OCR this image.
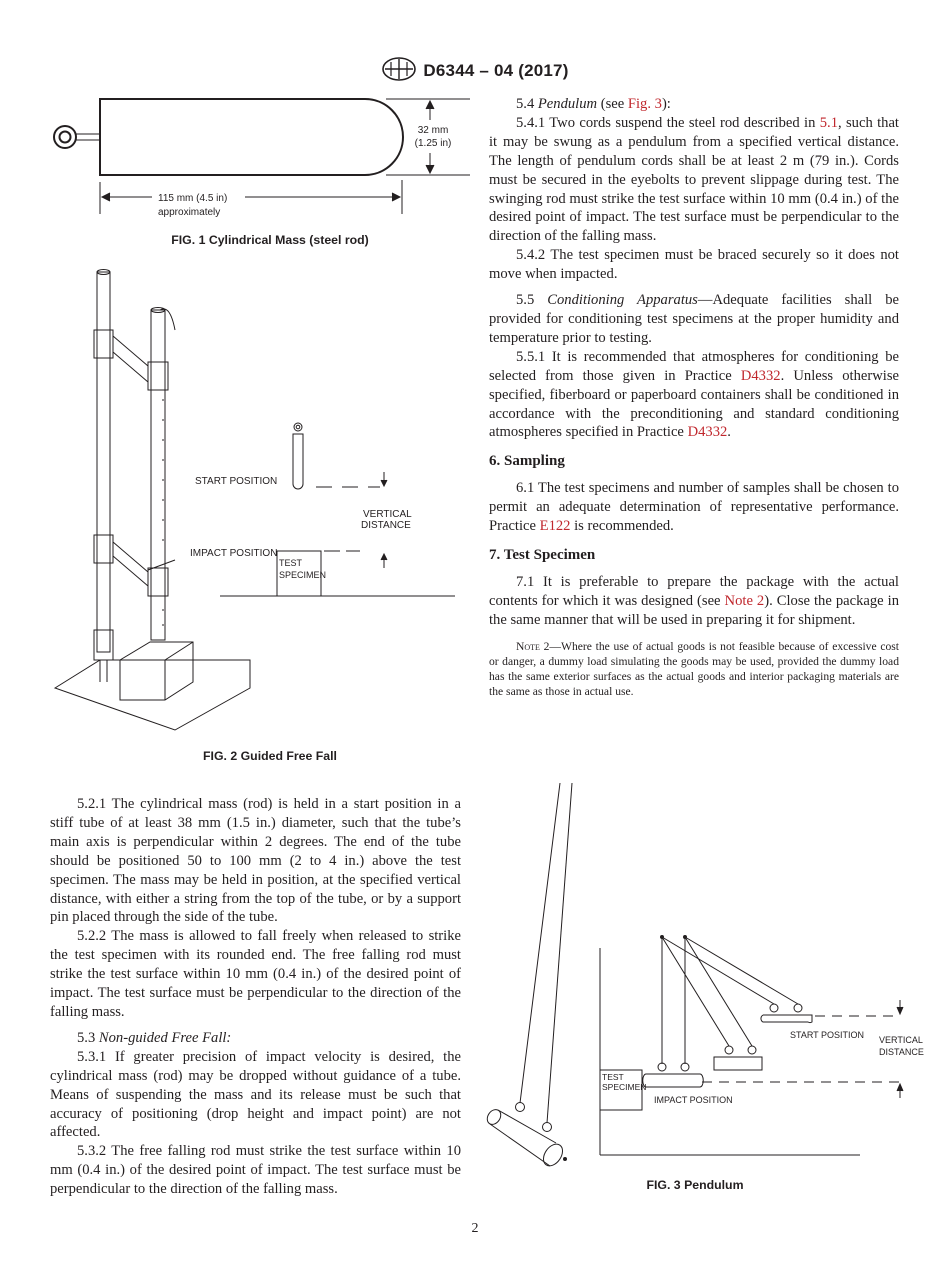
D6344 – 04 (2017)
32 mm
(1.25 in)
115 mm (4.5 in)
approximately
FIG. 1 Cylindrical Mass (steel rod)
START POSITION
VERTICAL
DISTANCE
IMPACT POSITION
TEST
SPECIMEN
FIG. 2 Guided Free Fall

5.2.1 The cylindrical mass (rod) is held in a start position in a stiff tube of at least 38 mm (1.5 in.) diameter, such that the tube’s main axis is perpendicular within 2 degrees. The end of the tube should be positioned 50 to 100 mm (2 to 4 in.) above the test specimen. The mass may be held in position, at the specified vertical distance, with either a string from the top of the tube, or by a support pin placed through the side of the tube.

5.2.2 The mass is allowed to fall freely when released to strike the test specimen with its rounded end. The free falling rod must strike the test surface within 10 mm (0.4 in.) of the desired point of impact. The test surface must be perpendicular to the direction of the falling mass.

5.3 Non-guided Free Fall:

5.3.1 If greater precision of impact velocity is desired, the cylindrical mass (rod) may be dropped without guidance of a tube. Means of suspending the mass and its release must be such that accuracy of positioning (drop height and impact point) are not affected.

5.3.2 The free falling rod must strike the test surface within 10 mm (0.4 in.) of the desired point of impact. The test surface must be perpendicular to the direction of the falling mass.

5.4 Pendulum (see Fig. 3):

5.4.1 Two cords suspend the steel rod described in 5.1, such that it may be swung as a pendulum from a specified vertical distance. The length of pendulum cords shall be at least 2 m (79 in.). Cords must be secured in the eyebolts to prevent slippage during test. The swinging rod must strike the test surface within 10 mm (0.4 in.) of the desired point of impact. The test surface must be perpendicular to the direction of the falling mass.

5.4.2 The test specimen must be braced securely so it does not move when impacted.

5.5 Conditioning Apparatus—Adequate facilities shall be provided for conditioning test specimens at the proper humidity and temperature prior to testing.

5.5.1 It is recommended that atmospheres for conditioning be selected from those given in Practice D4332. Unless otherwise specified, fiberboard or paperboard containers shall be conditioned in accordance with the preconditioning and standard conditioning atmospheres specified in Practice D4332.

6. Sampling

6.1 The test specimens and number of samples shall be chosen to permit an adequate determination of representative performance. Practice E122 is recommended.

7. Test Specimen

7.1 It is preferable to prepare the package with the actual contents for which it was designed (see Note 2). Close the package in the same manner that will be used in preparing it for shipment.

Note 2—Where the use of actual goods is not feasible because of excessive cost or danger, a dummy load simulating the goods may be used, provided the dummy load has the same exterior surfaces as the actual goods and interior packaging materials are the same as those in actual use.
START POSITION VERTICAL
DISTANCE
IMPACT POSITION
TEST
SPECIMEN
FIG. 3 Pendulum
2
